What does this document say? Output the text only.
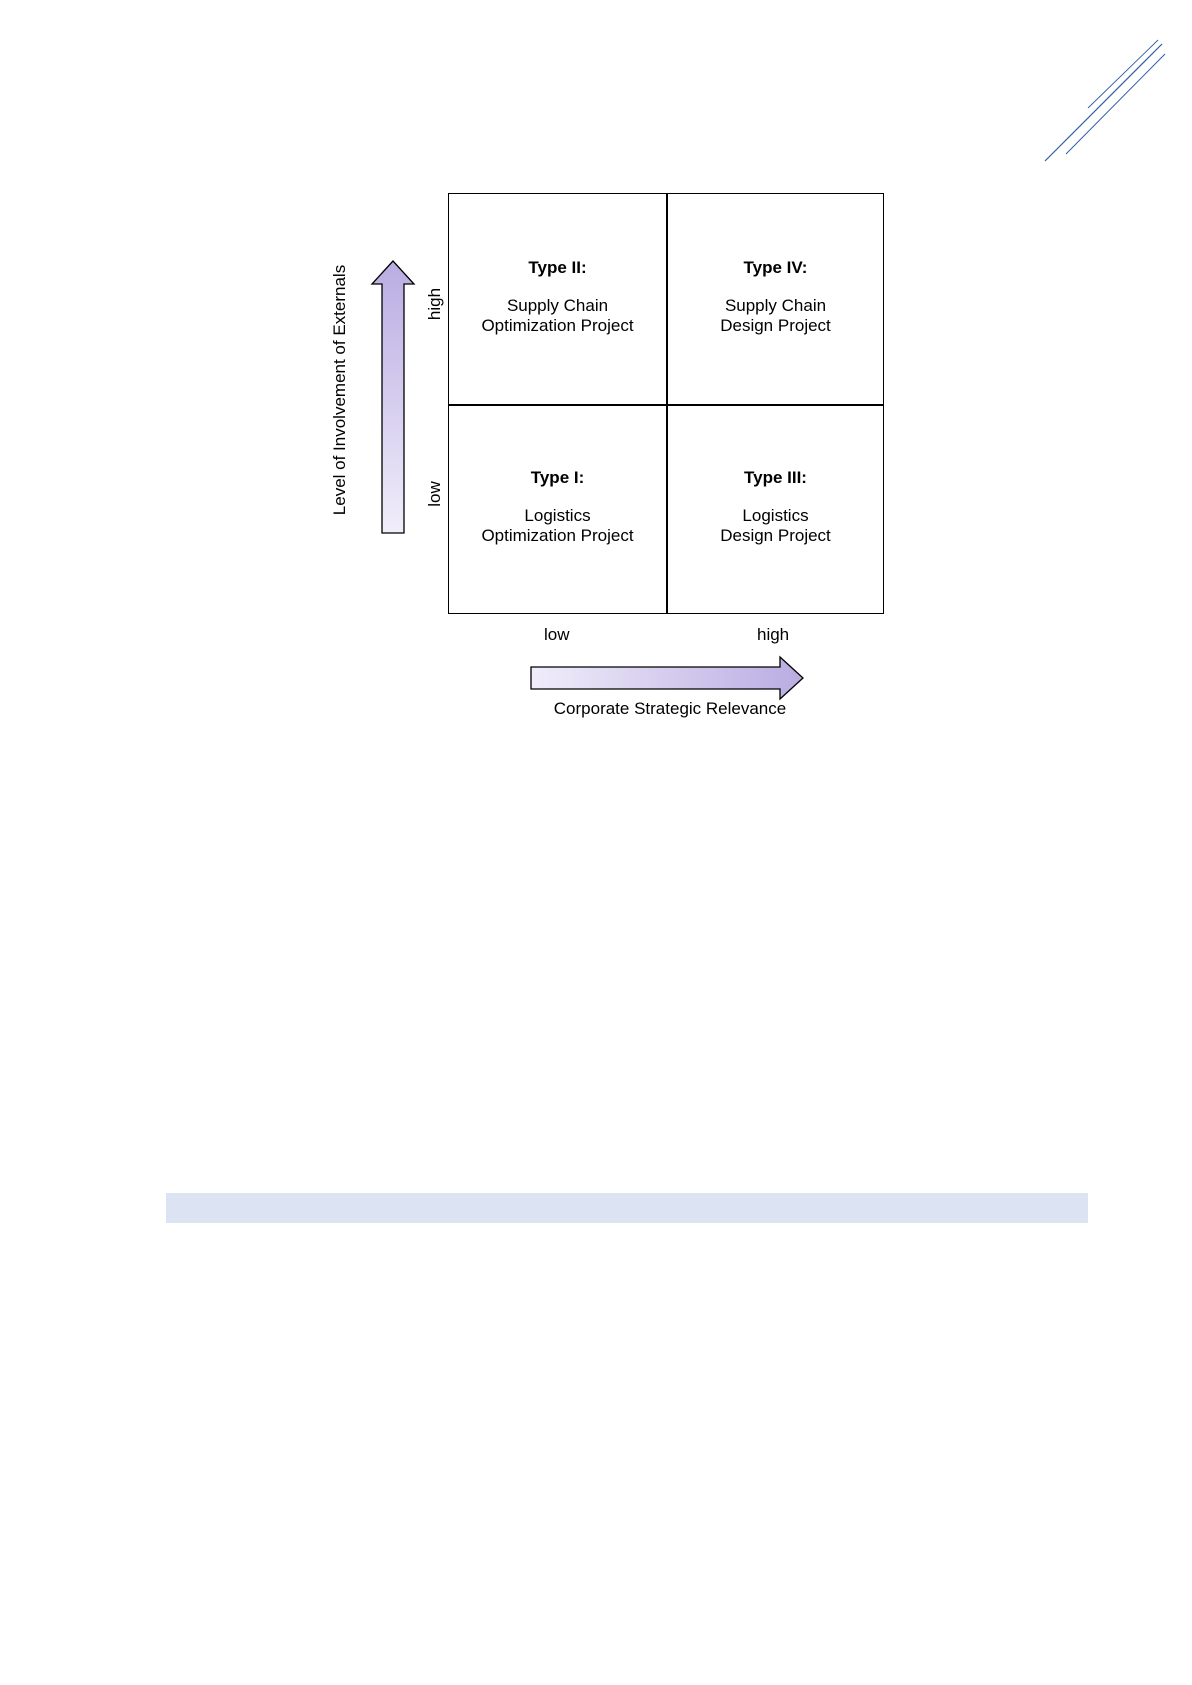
Type II:
Supply Chain
Optimization Project
Type IV:
Supply Chain
Design Project
Type I:
Logistics
Optimization Project
Type III:
Logistics
Design Project
low	high
Corporate Strategic Relevance
high
low
Level of Involvement of Externals
